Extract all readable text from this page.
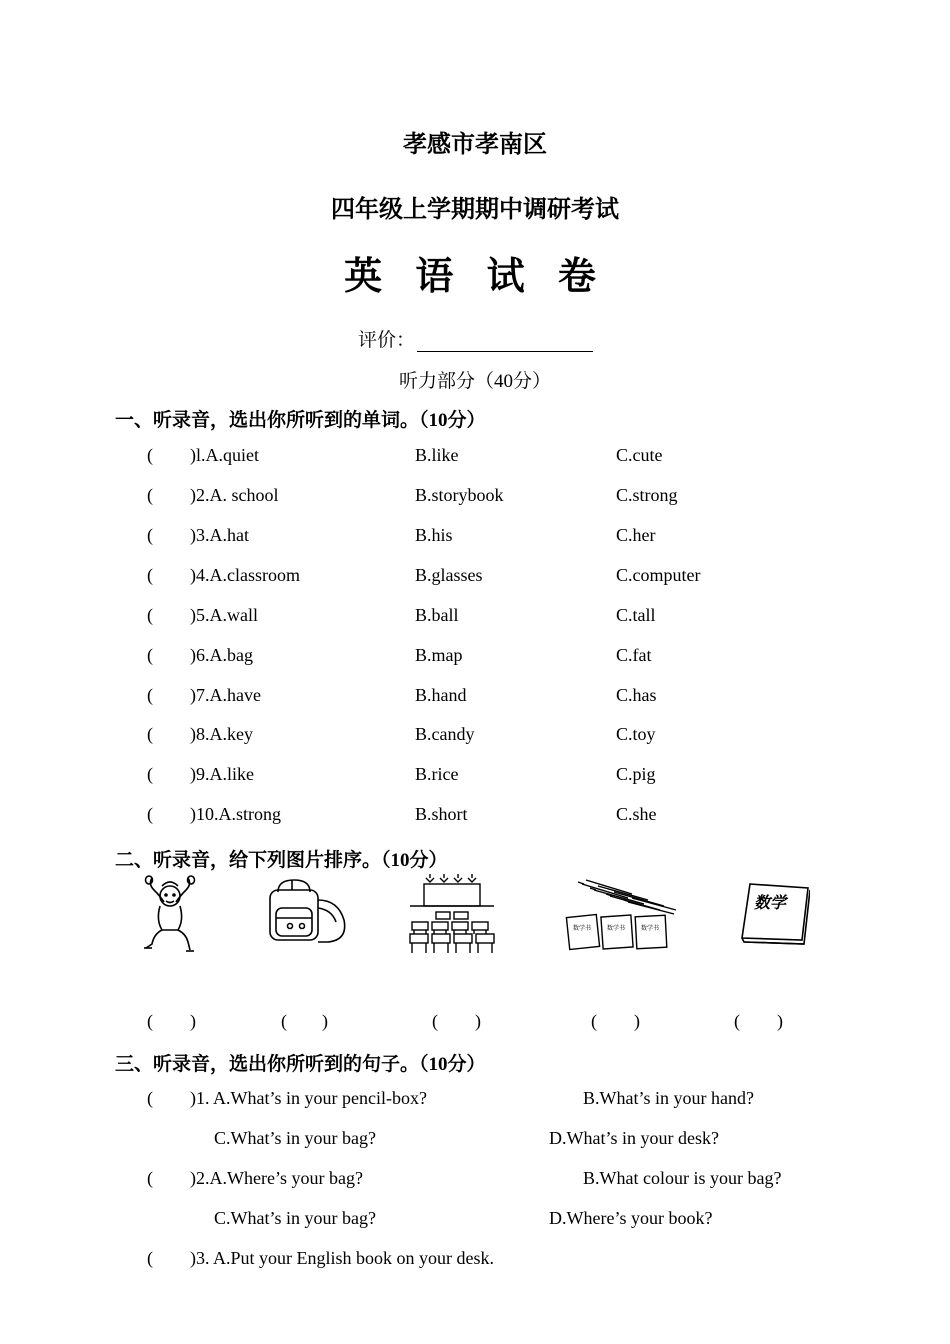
孝感市孝南区
四年级上学期期中调研考试
英 语 试 卷
评价：
听力部分（40分）
一、听录音，选出你所听到的单词。（10分）
( )l.A.quiet	B.like	C.cute
( )2.A. school	B.storybook	C.strong
( )3.A.hat	B.his	C.her
( )4.A.classroom	B.glasses	C.computer
( )5.A.wall	B.ball	C.tall
( )6.A.bag	B.map	C.fat
( )7.A.have	B.hand	C.has
( )8.A.key	B.candy	C.toy
( )9.A.like	B.rice	C.pig
( )10.A.strong	B.short	C.she
二、听录音，给下列图片排序。（10分）
数学书	数学书	数学书
数学
( )	( )	( )	( )	( )
三、听录音，选出你所听到的句子。（10分）
( )1. A.What’s in your pencil-box?	B.What’s in your hand?
C.What’s in your bag?	D.What’s in your desk?
( )2.A.Where’s your bag?	B.What colour is your bag?
C.What’s in your bag?	D.Where’s your book?
( )3. A.Put your English book on your desk.
